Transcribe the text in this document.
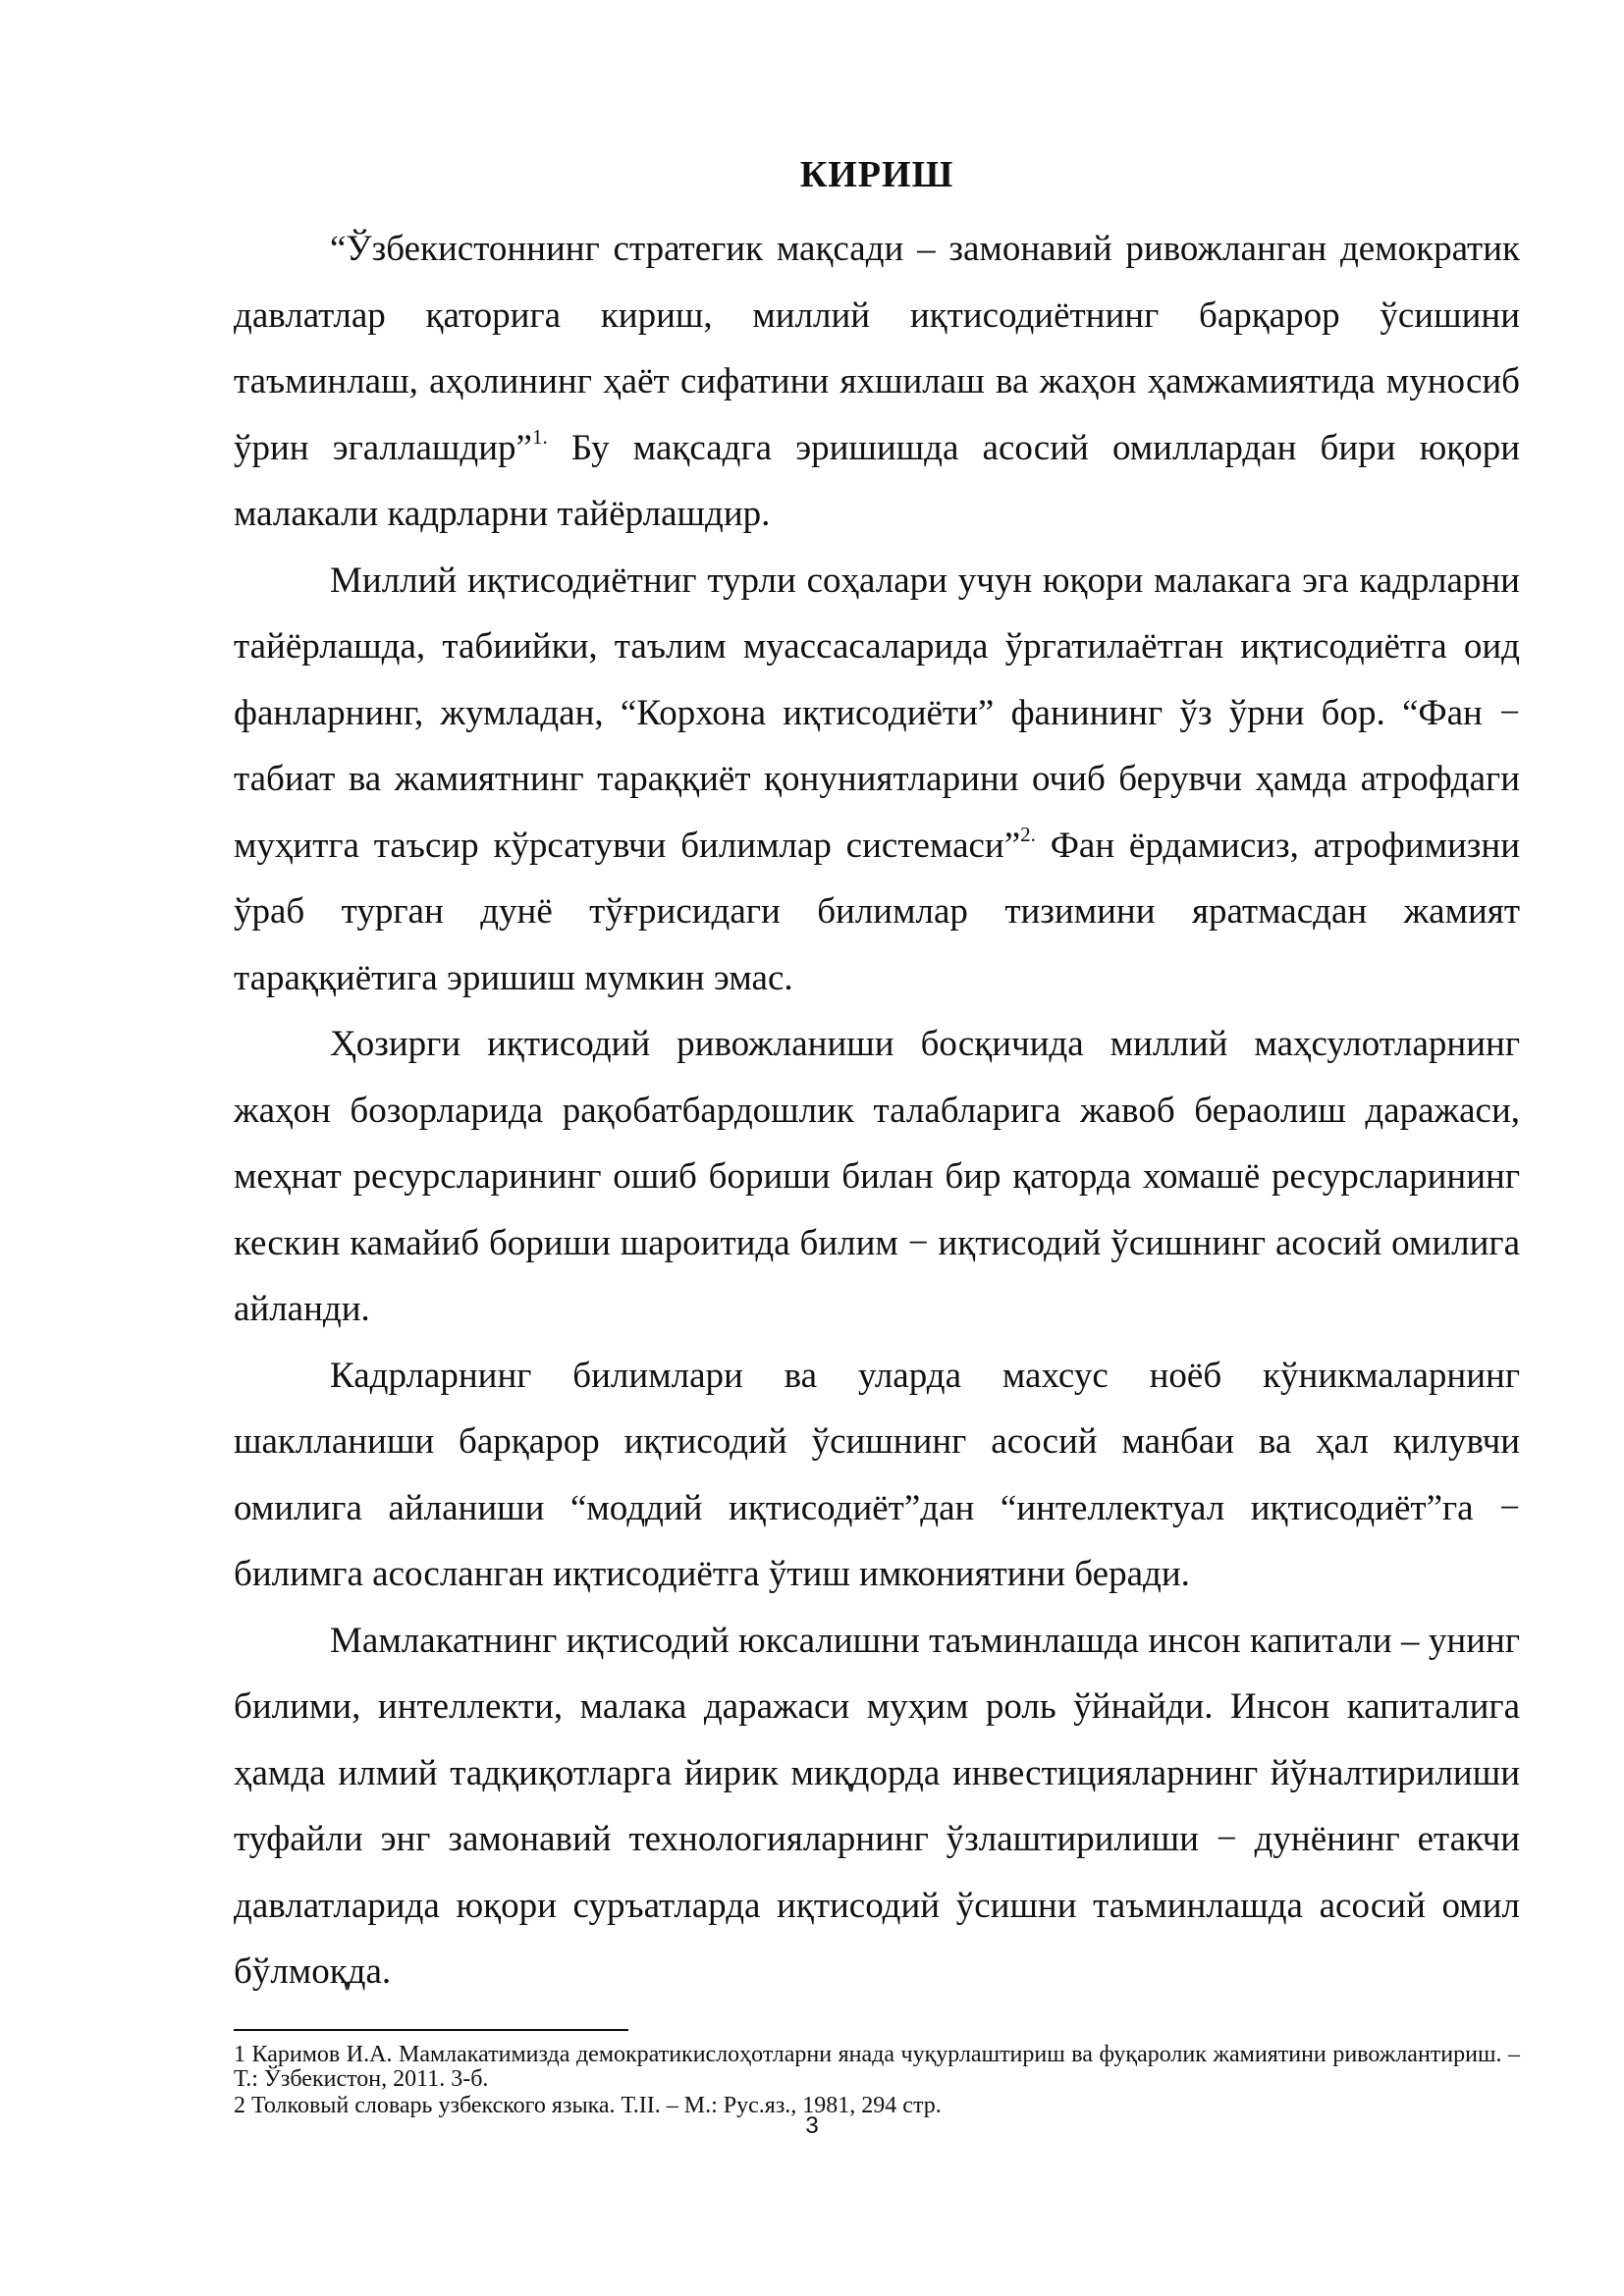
КИРИШ

“Ўзбекистоннинг стратегик мақсади – замонавий ривожланган демократик давлатлар қаторига кириш, миллий иқтисодиётнинг барқарор ўсишини таъминлаш, аҳолининг ҳаёт сифатини яхшилаш ва жаҳон ҳамжамиятида муносиб ўрин эгаллашдир”$^{1.}$ Бу мақсадга эришишда асосий омиллардан бири юқори малакали кадрларни тайёрлашдир.

Миллий иқтисодиётниг турли соҳалари учун юқори малакага эга кадрларни тайёрлашда, табиийки, таълим муассасаларида ўргатилаётган иқтисодиётга оид фанларнинг, жумладан, “Корхона иқтисодиёти” фанининг ўз ўрни бор. “Фан − табиат ва жамиятнинг тараққиёт қонуниятларини очиб берувчи ҳамда атрофдаги муҳитга таъсир кўрсатувчи билимлар системаси”$^{2.}$ Фан ёрдамисиз, атрофимизни ўраб турган дунё тўғрисидаги билимлар тизимини яратмасдан жамият тараққиётига эришиш мумкин эмас.

Ҳозирги иқтисодий ривожланиши босқичида миллий маҳсулотларнинг жаҳон бозорларида рақобатбардошлик талабларига жавоб бераолиш даражаси, меҳнат ресурсларининг ошиб бориши билан бир қаторда хомашё ресурсларининг кескин камайиб бориши шароитида билим − иқтисодий ўсишнинг асосий омилига айланди.

Кадрларнинг билимлари ва уларда махсус ноёб кўникмаларнинг шаклланиши барқарор иқтисодий ўсишнинг асосий манбаи ва ҳал қилувчи омилига айланиши “моддий иқтисодиёт”дан “интеллектуал иқтисодиёт”га − билимга асосланган иқтисодиётга ўтиш имкониятини беради.

Мамлакатнинг иқтисодий юксалишни таъминлашда инсон капитали – унинг билими, интеллекти, малака даражаси муҳим роль ўйнайди. Инсон капиталига ҳамда илмий тадқиқотларга йирик миқдорда инвестицияларнинг йўналтирилиши туфайли энг замонавий технологияларнинг ўзлаштирилиши − дунёнинг етакчи давлатларида юқори суръатларда иқтисодий ўсишни таъминлашда асосий омил бўлмоқда.

1 Каримов И.А. Мамлакатимизда демократикислоҳотларни янада чуқурлаштириш ва фуқаролик жамиятини ривожлантириш. – Т.: Ўзбекистон, 2011. 3-б.

2 Толковый словарь узбекского языка. Т.II. – М.: Рус.яз., 1981, 294 стр.

3
